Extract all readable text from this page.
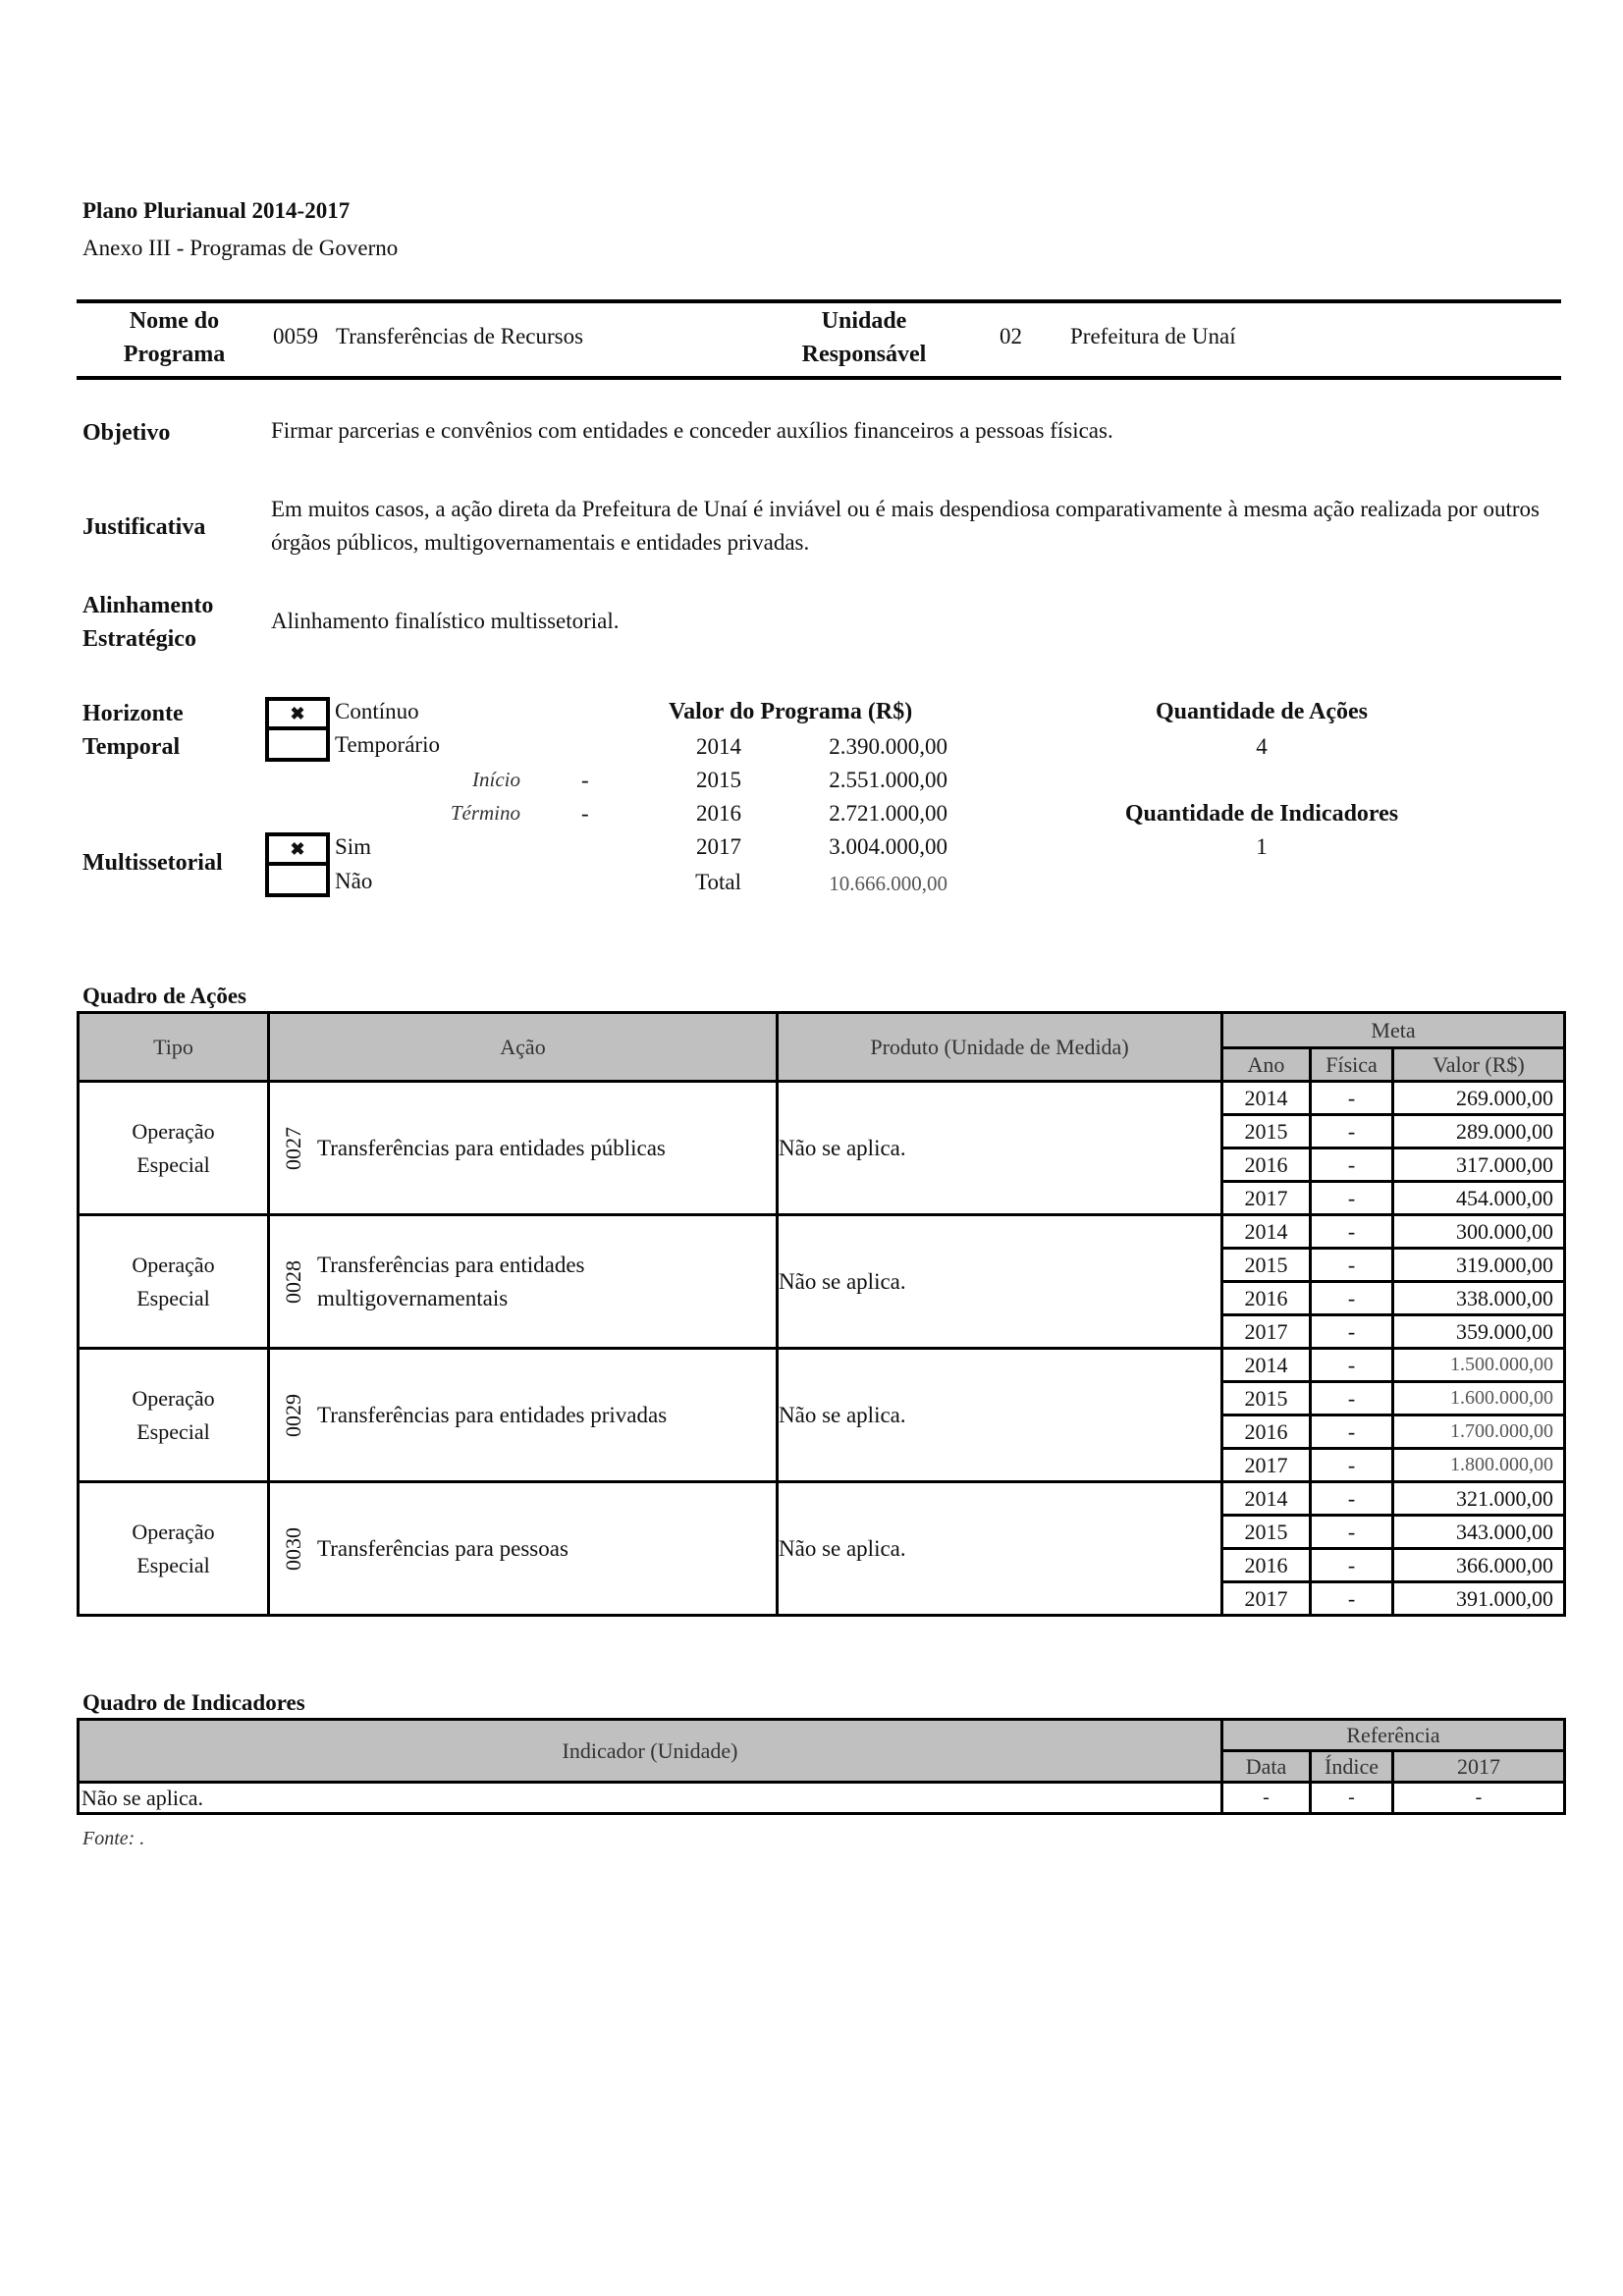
Plano Plurianual 2014-2017
Anexo III - Programas de Governo
Nome do
Programa
0059 Transferências de Recursos
Unidade
Responsável
02 Prefeitura de Unaí
Objetivo	Firmar parcerias e convênios com entidades e conceder auxílios financeiros a pessoas físicas.
Justificativa
Em muitos casos, a ação direta da Prefeitura de Unaí é inviável ou é mais despendiosa comparativamente à mesma ação realizada por outros órgãos públicos, multigovernamentais e entidades privadas.
Alinhamento
Estratégico
Alinhamento finalístico multissetorial.
Horizonte
Temporal
✖ Contínuo
Temporário
Início	-
Término	-
Multissetorial
✖ Sim
Não
Valor do Programa (R$)
2014	2.390.000,00
2015	2.551.000,00
2016	2.721.000,00
2017	3.004.000,00
Total	10.666.000,00
Quantidade de Ações
4
Quantidade de Indicadores
1
Quadro de Ações
Tipo	Ação	Produto (Unidade de Medida)	Meta		
			Ano	Física	Valor (R$)

Operação
Especial	0027 Transferências para entidades públicas	Não se aplica.	2014	-	269.000,00
			2015	-	289.000,00
			2016	-	317.000,00
			2017	-	454.000,00

Operação
Especial	0028 Transferências para entidades multigovernamentais
	Não se aplica.	2014	-	300.000,00
			2015	-	319.000,00
			2016	-	338.000,00
			2017	-	359.000,00

Operação
Especial	0029 Transferências para entidades privadas	Não se aplica.	2014	-	1.500.000,00
			2015	-	1.600.000,00
			2016	-	1.700.000,00
			2017	-	1.800.000,00

Operação
Especial	0030 Transferências para pessoas	Não se aplica.	2014	-	321.000,00
			2015	-	343.000,00
			2016	-	366.000,00
			2017	-	391.000,00
Quadro de Indicadores
Indicador (Unidade)	Referência		
	Data	Índice	2017
Não se aplica.	-	-	-
Fonte: .
